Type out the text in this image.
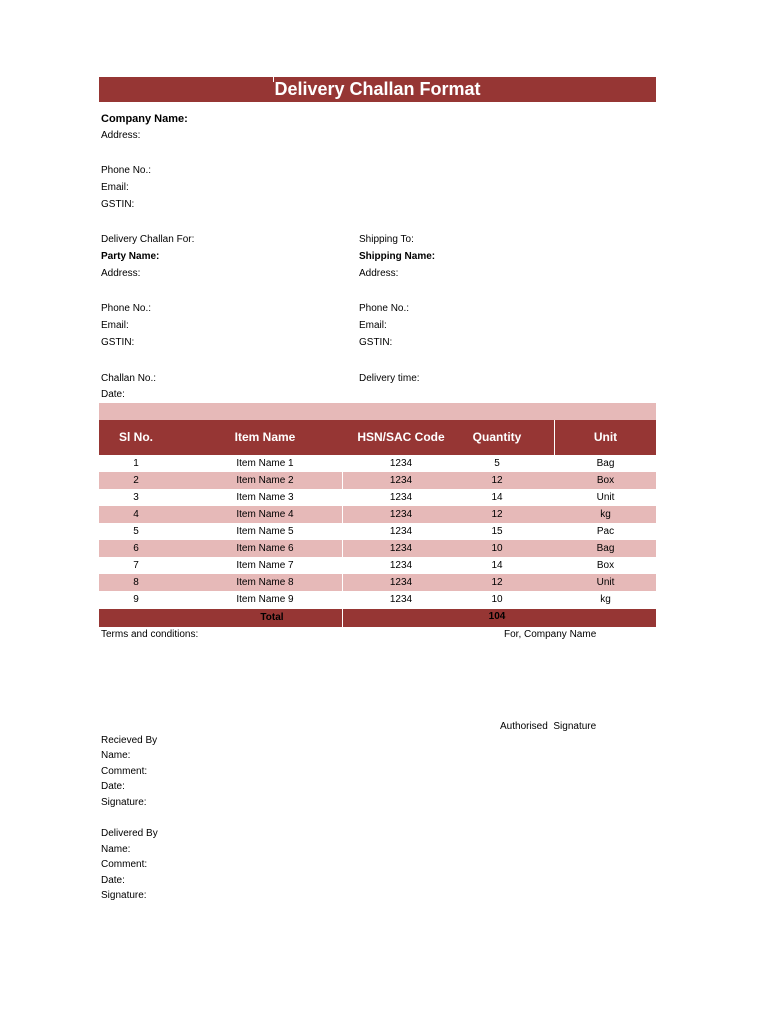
Delivery Challan Format
Company Name:
Address:
Phone No.:
Email:
GSTIN:
Delivery Challan For:
Party Name:
Address:
Phone No.:
Email:
GSTIN:
Shipping To:
Shipping Name:
Address:
Phone No.:
Email:
GSTIN:
Challan No.:
Date:
Delivery time:
Sl No.	Item Name	HSN/SAC Code	Quantity	Unit
1	Item Name 1	1234	5	Bag
2	Item Name 2	1234	12	Box
3	Item Name 3	1234	14	Unit
4	Item Name 4	1234	12	kg
5	Item Name 5	1234	15	Pac
6	Item Name 6	1234	10	Bag
7	Item Name 7	1234	14	Box
8	Item Name 8	1234	12	Unit
9	Item Name 9	1234	10	kg
Total	104
Terms and conditions:	For, Company Name
Authorised  Signature
Recieved By
Name:
Comment:
Date:
Signature:
Delivered By
Name:
Comment:
Date:
Signature:
